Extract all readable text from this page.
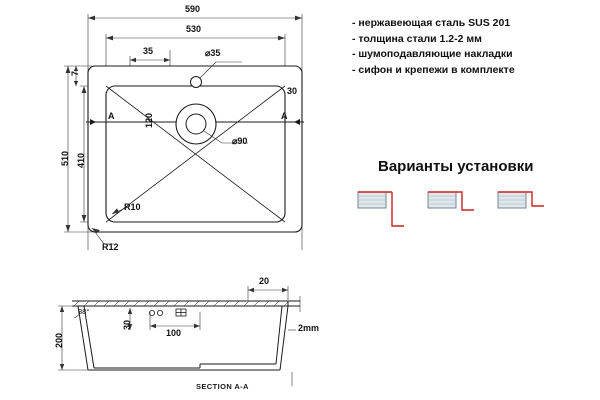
590
530
35	⌀35
⌀90
30
R10
R12
A	A
510 410
7
120
20
200
2mm
88°
30
100
SECTION A-A
- нержавеющая сталь SUS 201
- толщина стали 1.2-2 мм
- шумоподавляющие накладки
- сифон и крепежи в комплекте
Варианты установки
